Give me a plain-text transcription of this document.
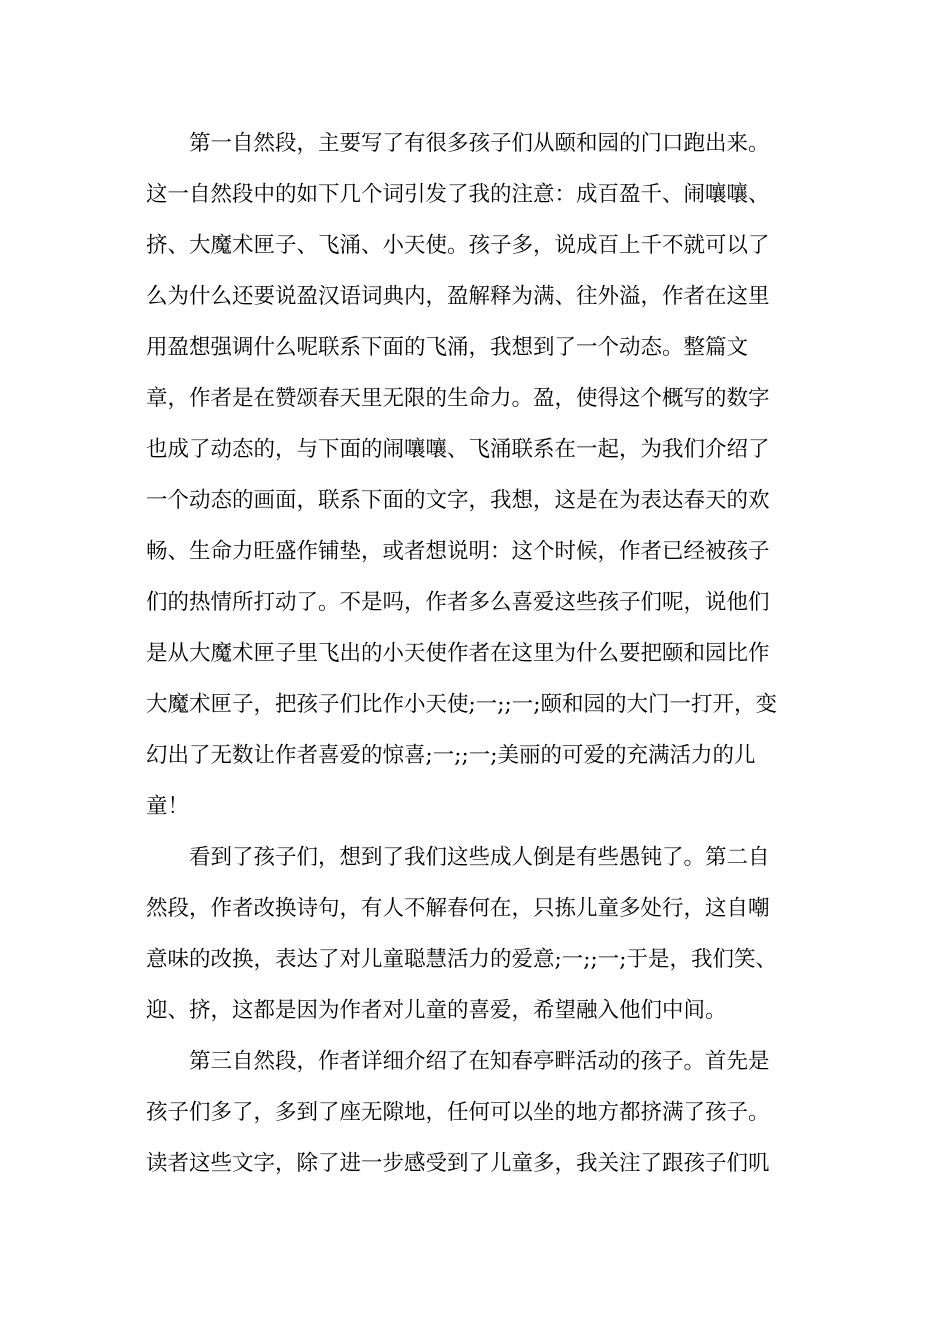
第一自然段，主要写了有很多孩子们从颐和园的门口跑出来。
这一自然段中的如下几个词引发了我的注意：成百盈千、闹嚷嚷、
挤、大魔术匣子、飞涌、小天使。孩子多，说成百上千不就可以了
么为什么还要说盈汉语词典内，盈解释为满、往外溢，作者在这里
用盈想强调什么呢联系下面的飞涌，我想到了一个动态。整篇文
章，作者是在赞颂春天里无限的生命力。盈，使得这个概写的数字
也成了动态的，与下面的闹嚷嚷、飞涌联系在一起，为我们介绍了
一个动态的画面，联系下面的文字，我想，这是在为表达春天的欢
畅、生命力旺盛作铺垫，或者想说明：这个时候，作者已经被孩子
们的热情所打动了。不是吗，作者多么喜爱这些孩子们呢，说他们
是从大魔术匣子里飞出的小天使作者在这里为什么要把颐和园比作
大魔术匣子，把孩子们比作小天使;一;;一;颐和园的大门一打开，变
幻出了无数让作者喜爱的惊喜;一;;一;美丽的可爱的充满活力的儿
童！
看到了孩子们，想到了我们这些成人倒是有些愚钝了。第二自
然段，作者改换诗句，有人不解春何在，只拣儿童多处行，这自嘲
意味的改换，表达了对儿童聪慧活力的爱意;一;;一;于是，我们笑、
迎、挤，这都是因为作者对儿童的喜爱，希望融入他们中间。
第三自然段，作者详细介绍了在知春亭畔活动的孩子。首先是
孩子们多了，多到了座无隙地，任何可以坐的地方都挤满了孩子。
读者这些文字，除了进一步感受到了儿童多，我关注了跟孩子们叽
